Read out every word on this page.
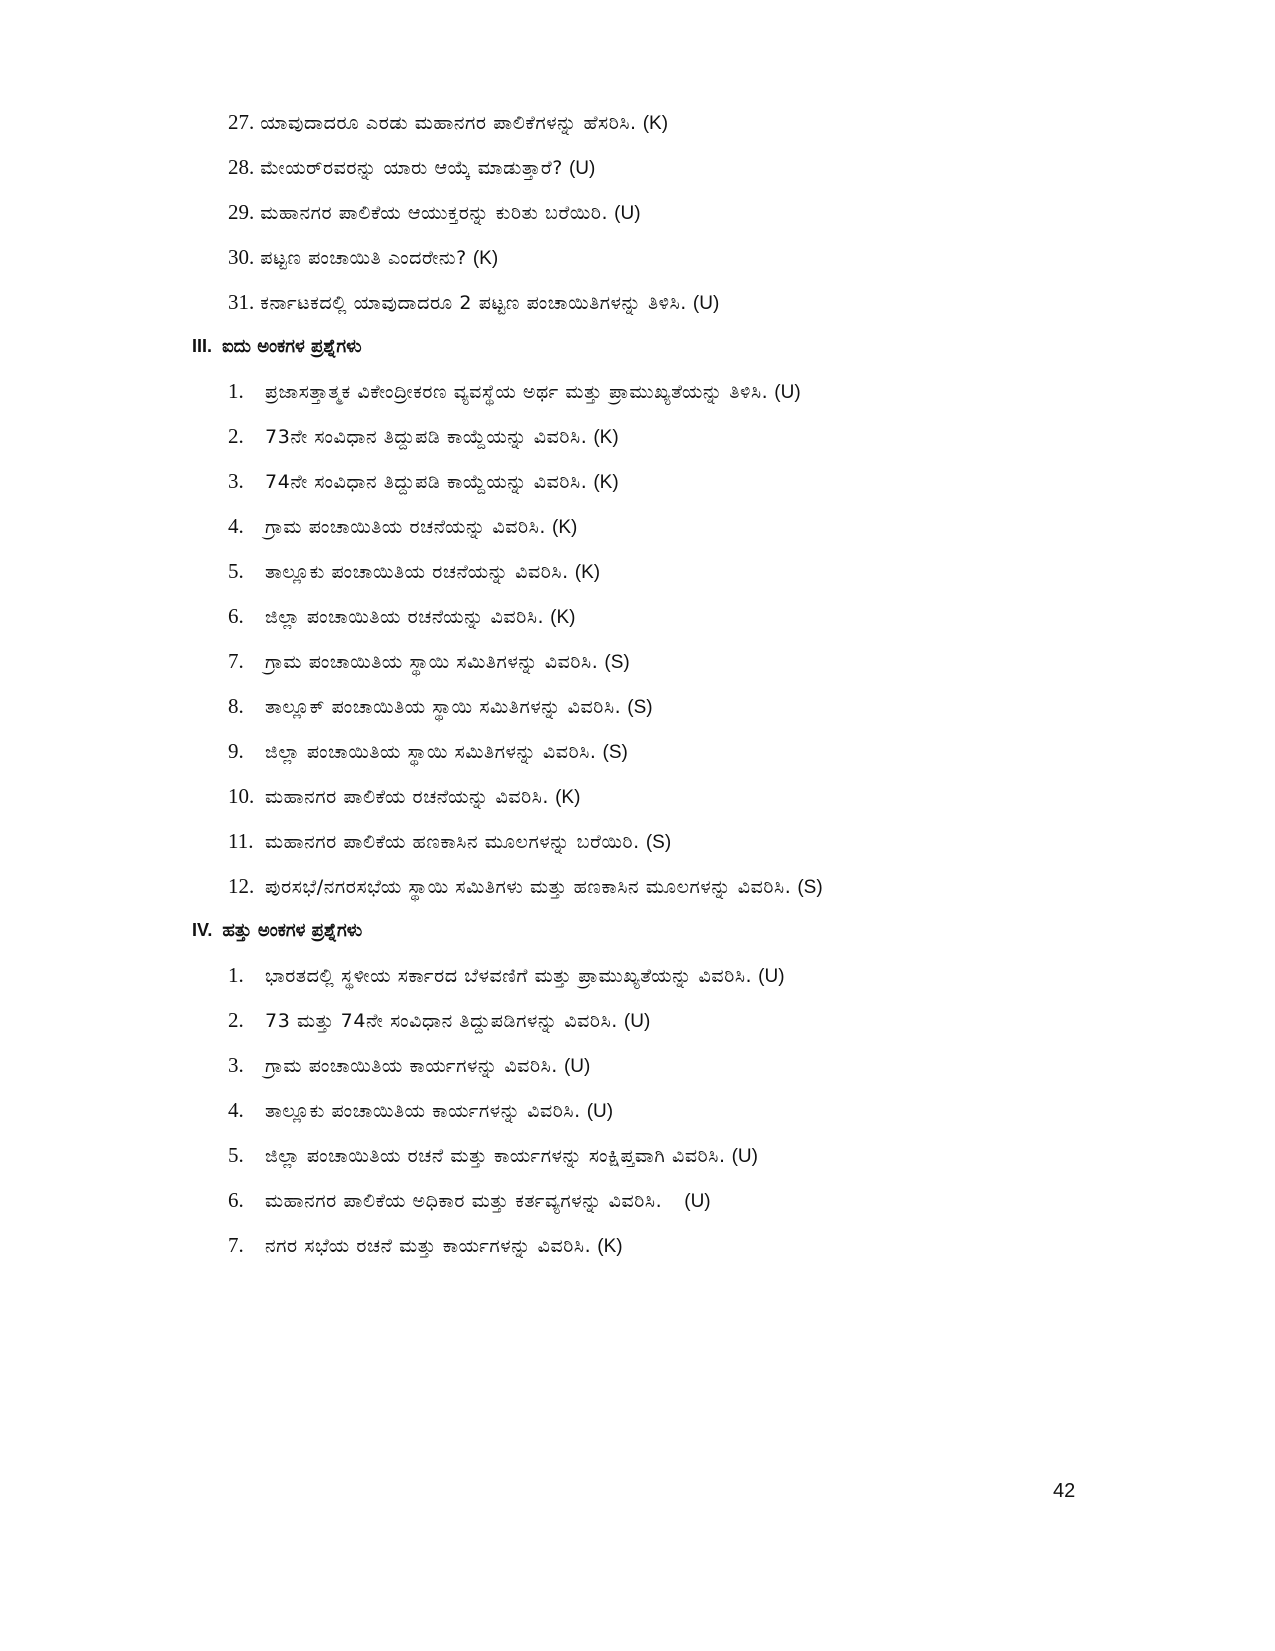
27. ಯಾವುದಾದರೂ ಎರಡು ಮಹಾನಗರ ಪಾಲಿಕೆಗಳನ್ನು ಹೆಸರಿಸಿ. (K)
28. ಮೇಯರ್‌ರವರನ್ನು ಯಾರು ಆಯ್ಕೆ ಮಾಡುತ್ತಾರೆ? (U)
29. ಮಹಾನಗರ ಪಾಲಿಕೆಯ ಆಯುಕ್ತರನ್ನು ಕುರಿತು ಬರೆಯಿರಿ. (U)
30. ಪಟ್ಟಣ ಪಂಚಾಯಿತಿ ಎಂದರೇನು? (K)
31. ಕರ್ನಾಟಕದಲ್ಲಿ ಯಾವುದಾದರೂ 2 ಪಟ್ಟಣ ಪಂಚಾಯಿತಿಗಳನ್ನು ತಿಳಿಸಿ. (U)
III. ಐದು ಅಂಕಗಳ ಪ್ರಶ್ನೆಗಳು
1. ಪ್ರಜಾಸತ್ತಾತ್ಮಕ ವಿಕೇಂದ್ರೀಕರಣ ವ್ಯವಸ್ಥೆಯ ಅರ್ಥ ಮತ್ತು ಪ್ರಾಮುಖ್ಯತೆಯನ್ನು ತಿಳಿಸಿ. (U)
2. 73ನೇ ಸಂವಿಧಾನ ತಿದ್ದುಪಡಿ ಕಾಯ್ದೆಯನ್ನು ವಿವರಿಸಿ. (K)
3. 74ನೇ ಸಂವಿಧಾನ ತಿದ್ದುಪಡಿ ಕಾಯ್ದೆಯನ್ನು ವಿವರಿಸಿ. (K)
4. ಗ್ರಾಮ ಪಂಚಾಯಿತಿಯ ರಚನೆಯನ್ನು ವಿವರಿಸಿ. (K)
5. ತಾಲ್ಲೂಕು ಪಂಚಾಯಿತಿಯ ರಚನೆಯನ್ನು ವಿವರಿಸಿ. (K)
6. ಜಿಲ್ಲಾ ಪಂಚಾಯಿತಿಯ ರಚನೆಯನ್ನು ವಿವರಿಸಿ. (K)
7. ಗ್ರಾಮ ಪಂಚಾಯಿತಿಯ ಸ್ಥಾಯಿ ಸಮಿತಿಗಳನ್ನು ವಿವರಿಸಿ. (S)
8. ತಾಲ್ಲೂಕ್ ಪಂಚಾಯಿತಿಯ ಸ್ಥಾಯಿ ಸಮಿತಿಗಳನ್ನು ವಿವರಿಸಿ. (S)
9. ಜಿಲ್ಲಾ ಪಂಚಾಯಿತಿಯ ಸ್ಥಾಯಿ ಸಮಿತಿಗಳನ್ನು ವಿವರಿಸಿ. (S)
10. ಮಹಾನಗರ ಪಾಲಿಕೆಯ ರಚನೆಯನ್ನು ವಿವರಿಸಿ. (K)
11. ಮಹಾನಗರ ಪಾಲಿಕೆಯ ಹಣಕಾಸಿನ ಮೂಲಗಳನ್ನು ಬರೆಯಿರಿ. (S)
12. ಪುರಸಭೆ/ನಗರಸಭೆಯ ಸ್ಥಾಯಿ ಸಮಿತಿಗಳು ಮತ್ತು ಹಣಕಾಸಿನ ಮೂಲಗಳನ್ನು ವಿವರಿಸಿ. (S)
IV. ಹತ್ತು ಅಂಕಗಳ ಪ್ರಶ್ನೆಗಳು
1. ಭಾರತದಲ್ಲಿ ಸ್ಥಳೀಯ ಸರ್ಕಾರದ ಬೆಳವಣಿಗೆ ಮತ್ತು ಪ್ರಾಮುಖ್ಯತೆಯನ್ನು ವಿವರಿಸಿ. (U)
2. 73 ಮತ್ತು 74ನೇ ಸಂವಿಧಾನ ತಿದ್ದುಪಡಿಗಳನ್ನು ವಿವರಿಸಿ. (U)
3. ಗ್ರಾಮ ಪಂಚಾಯಿತಿಯ ಕಾರ್ಯಗಳನ್ನು ವಿವರಿಸಿ. (U)
4. ತಾಲ್ಲೂಕು ಪಂಚಾಯಿತಿಯ ಕಾರ್ಯಗಳನ್ನು ವಿವರಿಸಿ. (U)
5. ಜಿಲ್ಲಾ ಪಂಚಾಯಿತಿಯ ರಚನೆ ಮತ್ತು ಕಾರ್ಯಗಳನ್ನು ಸಂಕ್ಷಿಪ್ತವಾಗಿ ವಿವರಿಸಿ. (U)
6. ಮಹಾನಗರ ಪಾಲಿಕೆಯ ಅಧಿಕಾರ ಮತ್ತು ಕರ್ತವ್ಯಗಳನ್ನು ವಿವರಿಸಿ. (U)
7. ನಗರ ಸಭೆಯ ರಚನೆ ಮತ್ತು ಕಾರ್ಯಗಳನ್ನು ವಿವರಿಸಿ. (K)
42
